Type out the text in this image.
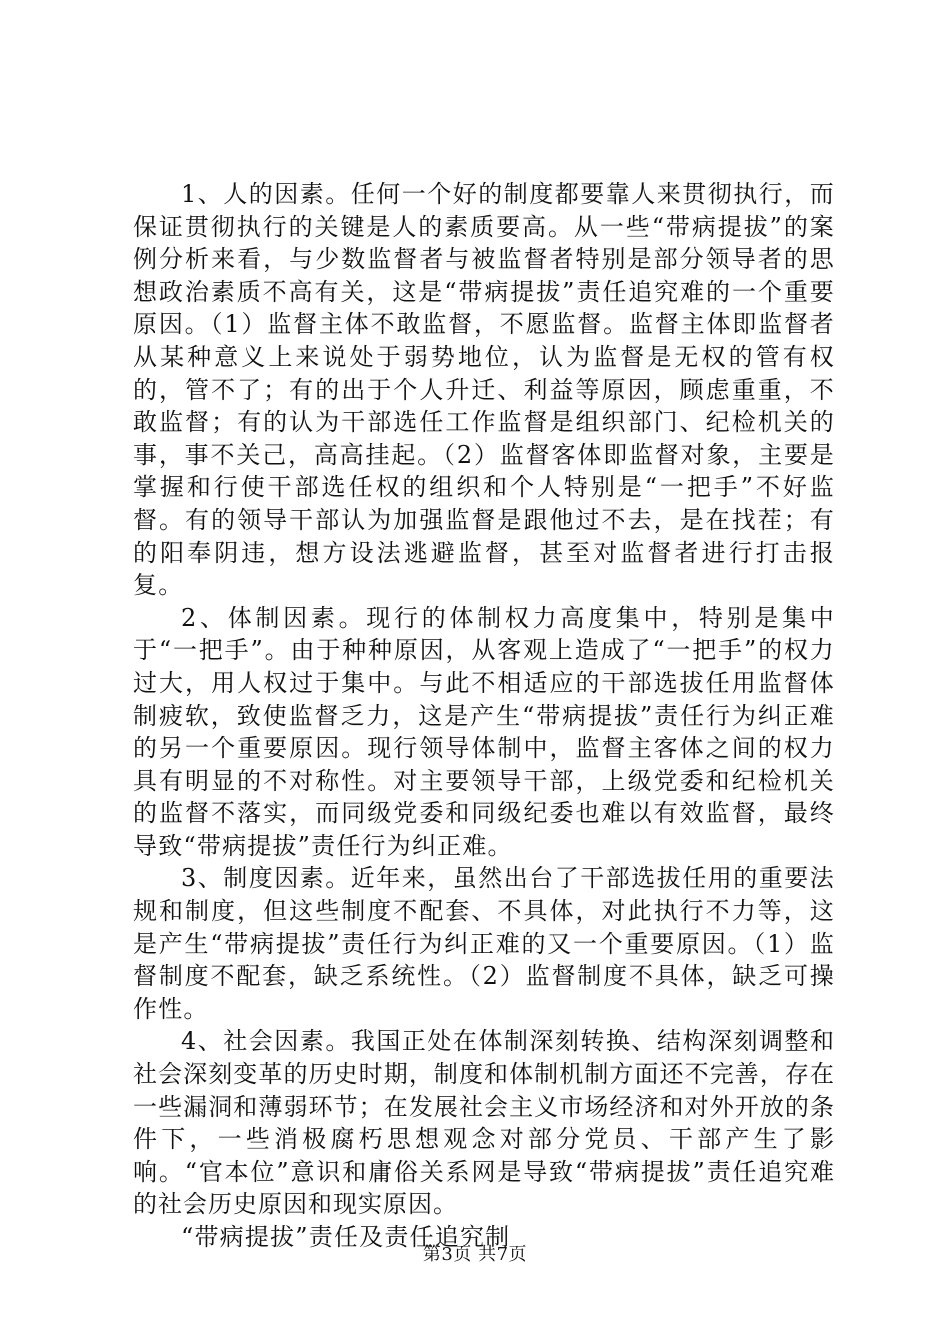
1、人的因素。任何一个好的制度都要靠人来贯彻执行，而保证贯彻执行的关键是人的素质要高。从一些“带病提拔”的案例分析来看，与少数监督者与被监督者特别是部分领导者的思想政治素质不高有关，这是“带病提拔”责任追究难的一个重要原因。（1）监督主体不敢监督，不愿监督。监督主体即监督者从某种意义上来说处于弱势地位，认为监督是无权的管有权的，管不了；有的出于个人升迁、利益等原因，顾虑重重，不敢监督；有的认为干部选任工作监督是组织部门、纪检机关的事，事不关己，高高挂起。（2）监督客体即监督对象，主要是掌握和行使干部选任权的组织和个人特别是“一把手”不好监督。有的领导干部认为加强监督是跟他过不去，是在找茬；有的阳奉阴违，想方设法逃避监督，甚至对监督者进行打击报复。

2、体制因素。现行的体制权力高度集中，特别是集中于“一把手”。由于种种原因，从客观上造成了“一把手”的权力过大，用人权过于集中。与此不相适应的干部选拔任用监督体制疲软，致使监督乏力，这是产生“带病提拔”责任行为纠正难的另一个重要原因。现行领导体制中，监督主客体之间的权力具有明显的不对称性。对主要领导干部，上级党委和纪检机关的监督不落实，而同级党委和同级纪委也难以有效监督，最终导致“带病提拔”责任行为纠正难。

3、制度因素。近年来，虽然出台了干部选拔任用的重要法规和制度，但这些制度不配套、不具体，对此执行不力等，这是产生“带病提拔”责任行为纠正难的又一个重要原因。（1）监督制度不配套，缺乏系统性。（2）监督制度不具体，缺乏可操作性。

4、社会因素。我国正处在体制深刻转换、结构深刻调整和社会深刻变革的历史时期，制度和体制机制方面还不完善，存在一些漏洞和薄弱环节；在发展社会主义市场经济和对外开放的条件下，一些消极腐朽思想观念对部分党员、干部产生了影响。“官本位”意识和庸俗关系网是导致“带病提拔”责任追究难的社会历史原因和现实原因。

“带病提拔”责任及责任追究制

第3页 共7页
